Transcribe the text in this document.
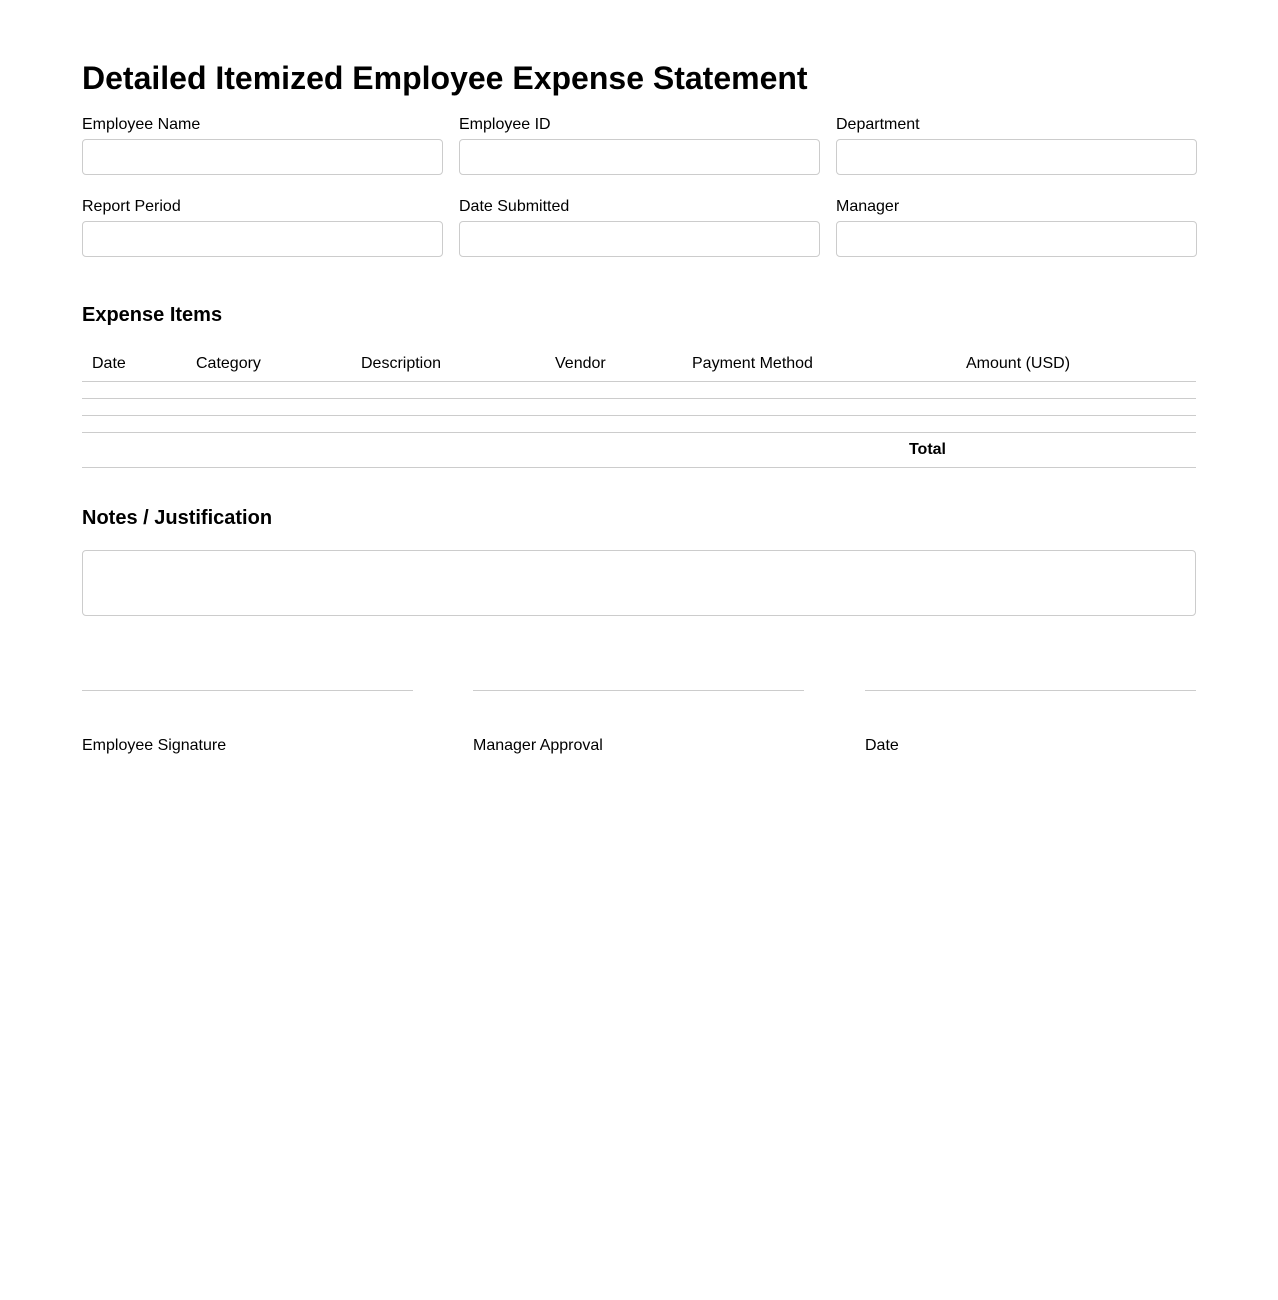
Detailed Itemized Employee Expense Statement
Employee Name	Employee ID	Department
Report Period	Date Submitted	Manager
Expense Items
Date	Category	Description	Vendor	Payment Method	Amount (USD)

Total					
Notes / Justification
Employee Signature	Manager Approval	Date
